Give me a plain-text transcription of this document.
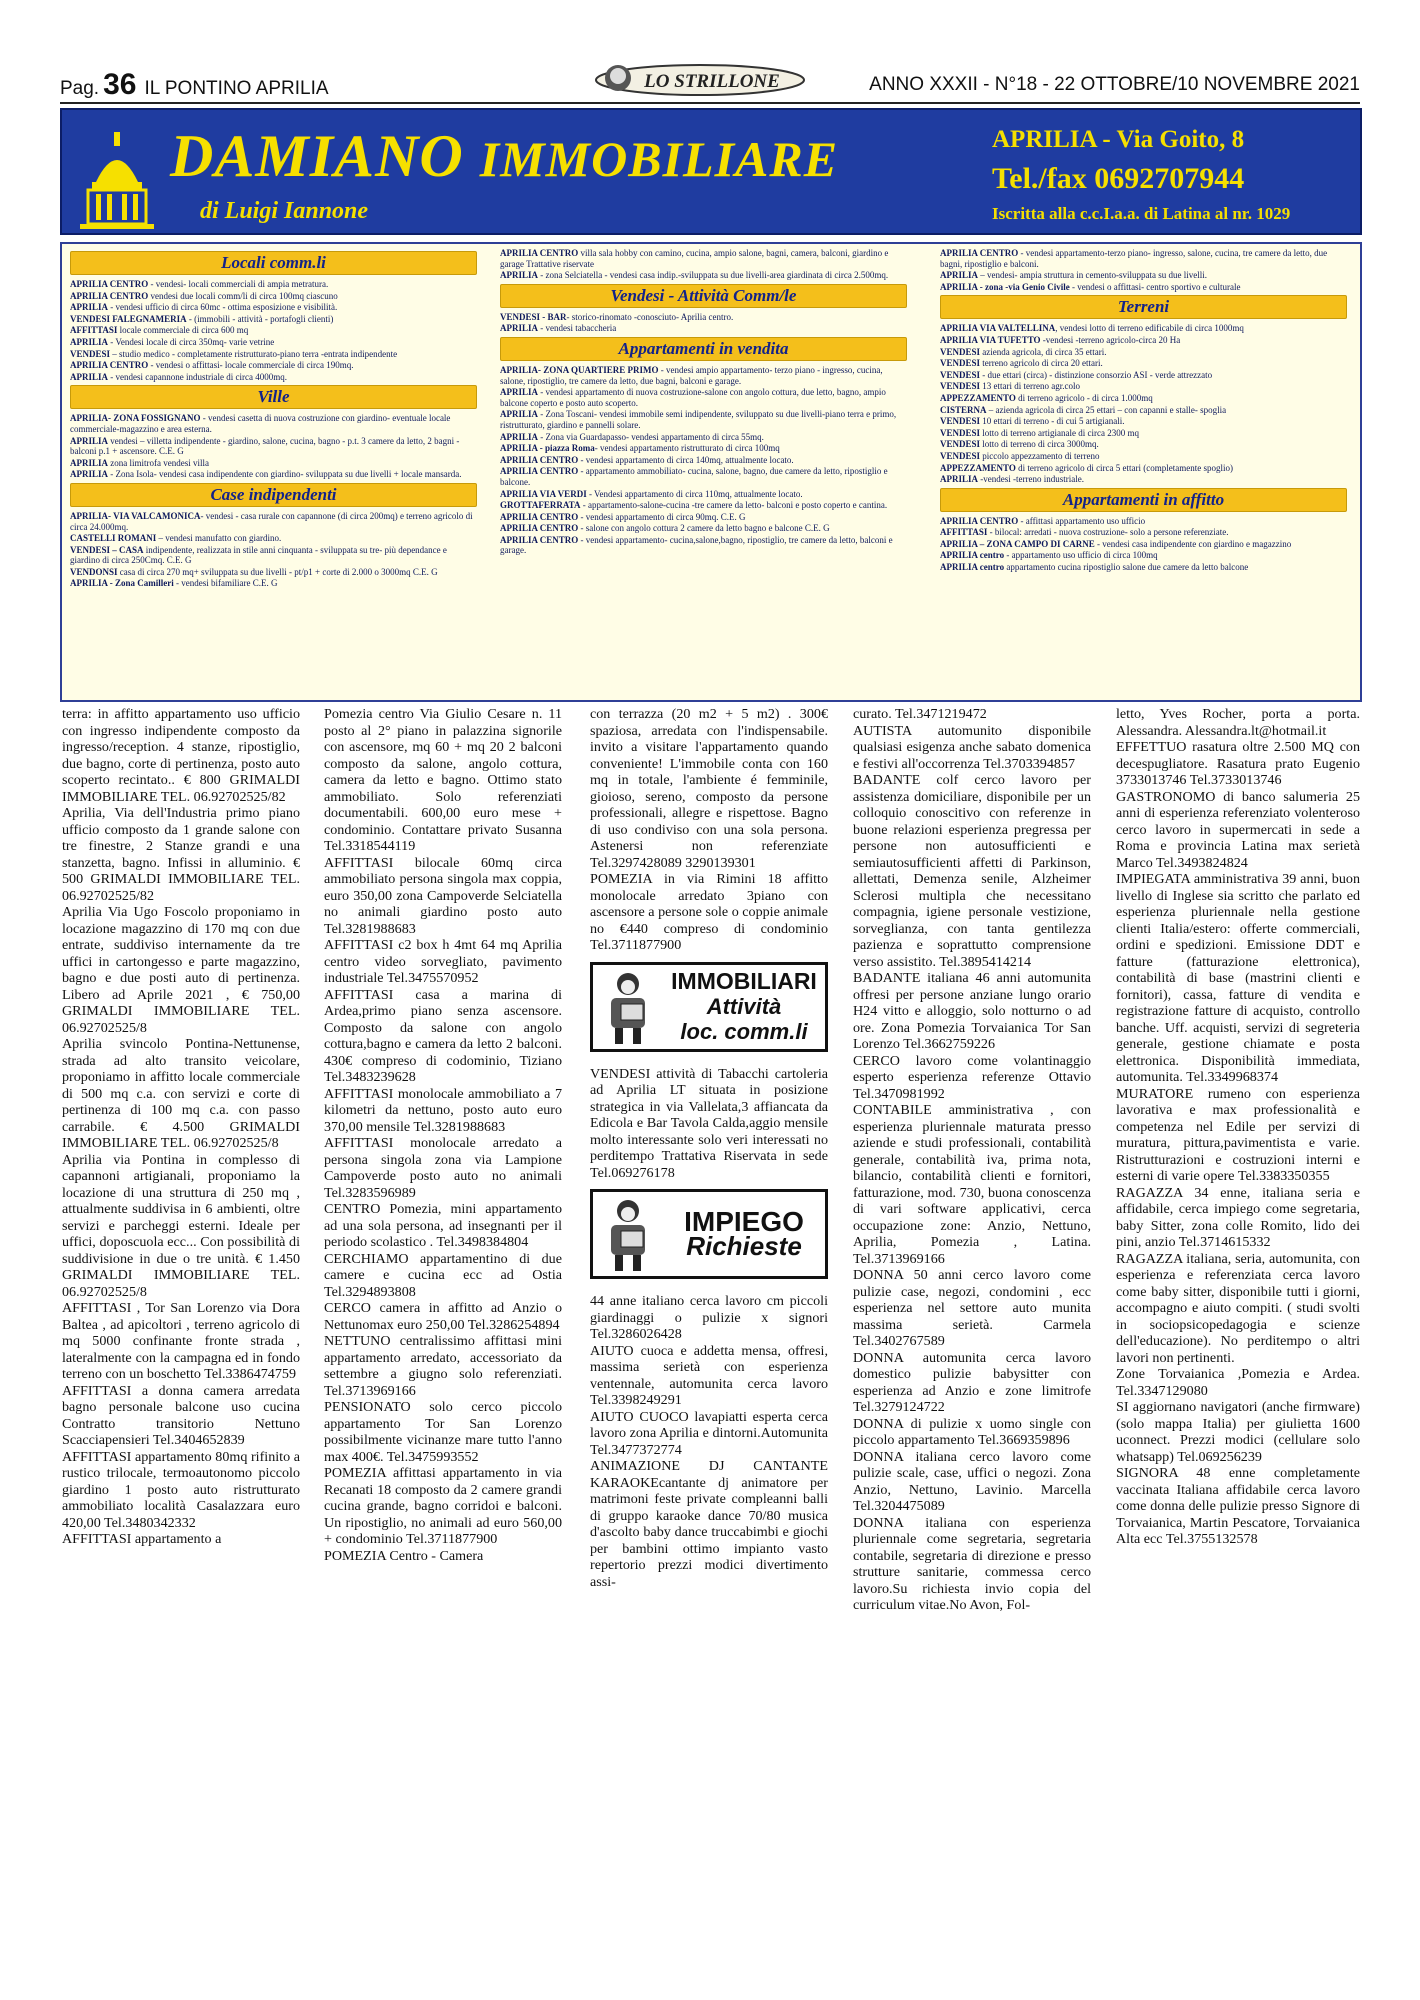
Pag. 36 IL PONTINO APRILIA	ANNO XXXII - N°18 - 22 OTTOBRE/10 NOVEMBRE 2021
LO STRILLONE
DAMIANO IMMOBILIARE
di Luigi Iannone
APRILIA - Via Goito, 8
Tel./fax 0692707944
Iscritta alla c.c.I.a.a. di Latina al nr. 1029
Locali comm.li

APRILIA CENTRO - vendesi- locali commerciali di ampia metratura.

APRILIA CENTRO vendesi due locali comm/li di circa 100mq ciascuno

APRILIA - vendesi ufficio di circa 60mc - ottima esposizione e visibilità.

VENDESI FALEGNAMERIA - (immobili - attività - portafogli clienti)

AFFITTASI locale commerciale di circa 600 mq

APRILIA - Vendesi locale di circa 350mq- varie vetrine

VENDESI – studio medico - completamente ristrutturato-piano terra -entrata indipendente

APRILIA CENTRO - vendesi o affittasi- locale commerciale di circa 190mq.

APRILIA - vendesi capannone industriale di circa 4000mq.

Ville

APRILIA- ZONA FOSSIGNANO - vendesi casetta di nuova costruzione con giardino- eventuale locale commerciale-magazzino e area esterna.

APRILIA vendesi – villetta indipendente - giardino, salone, cucina, bagno - p.t. 3 camere da letto, 2 bagni - balconi p.1 + ascensore. C.E. G

APRILIA zona limitrofa vendesi villa

APRILIA - Zona Isola- vendesi casa indipendente con giardino- sviluppata su due livelli + locale mansarda.

Case indipendenti

APRILIA- VIA VALCAMONICA- vendesi - casa rurale con capannone (di circa 200mq) e terreno agricolo di circa 24.000mq.

CASTELLI ROMANI – vendesi manufatto con giardino.

VENDESI – CASA indipendente, realizzata in stile anni cinquanta - sviluppata su tre- più dependance e giardino di circa 250Cmq. C.E. G

VENDONSI casa di circa 270 mq+ sviluppata su due livelli - pt/p1 + corte di 2.000 o 3000mq C.E. G

APRILIA - Zona Camilleri - vendesi bifamiliare C.E. G

APRILIA CENTRO villa sala hobby con camino, cucina, ampio salone, bagni, camera, balconi, giardino e garage Trattative riservate

APRILIA - zona Selciatella - vendesi casa indip.-sviluppata su due livelli-area giardinata di circa 2.500mq.

Vendesi - Attività Comm/le

VENDESI - BAR- storico-rinomato -conosciuto- Aprilia centro.

APRILIA - vendesi tabaccheria

Appartamenti in vendita

APRILIA- ZONA QUARTIERE PRIMO - vendesi ampio appartamento- terzo piano - ingresso, cucina, salone, ripostiglio, tre camere da letto, due bagni, balconi e garage.

APRILIA - vendesi appartamento di nuova costruzione-salone con angolo cottura, due letto, bagno, ampio balcone coperto e posto auto scoperto.

APRILIA - Zona Toscani- vendesi immobile semi indipendente, sviluppato su due livelli-piano terra e primo, ristrutturato, giardino e pannelli solare.

APRILIA - Zona via Guardapasso- vendesi appartamento di circa 55mq.

APRILIA - piazza Roma- vendesi appartamento ristrutturato di circa 100mq

APRILIA CENTRO - vendesi appartamento di circa 140mq, attualmente locato.

APRILIA CENTRO - appartamento ammobiliato- cucina, salone, bagno, due camere da letto, ripostiglio e balcone.

APRILIA VIA VERDI - Vendesi appartamento di circa 110mq, attualmente locato.

GROTTAFERRATA - appartamento-salone-cucina -tre camere da letto- balconi e posto coperto e cantina.

APRILIA CENTRO - vendesi appartamento di circa 90mq. C.E. G

APRILIA CENTRO - salone con angolo cottura 2 camere da letto bagno e balcone C.E. G

APRILIA CENTRO - vendesi appartamento- cucina,salone,bagno, ripostiglio, tre camere da letto, balconi e garage.

APRILIA CENTRO - vendesi appartamento-terzo piano- ingresso, salone, cucina, tre camere da letto, due bagni, ripostiglio e balconi.

APRILIA – vendesi- ampia struttura in cemento-sviluppata su due livelli.

APRILIA - zona -via Genio Civile - vendesi o affittasi- centro sportivo e culturale

Terreni

APRILIA VIA VALTELLINA, vendesi lotto di terreno edificabile di circa 1000mq

APRILIA VIA TUFETTO -vendesi -terreno agricolo-circa 20 Ha

VENDESI azienda agricola, di circa 35 ettari.

VENDESI terreno agricolo di circa 20 ettari.

VENDESI - due ettari (circa) - distinzione consorzio ASI - verde attrezzato

VENDESI 13 ettari di terreno agr.colo

APPEZZAMENTO di terreno agricolo - di circa 1.000mq

CISTERNA – azienda agricola di circa 25 ettari – con capanni e stalle- spoglia

VENDESI 10 ettari di terreno - di cui 5 artigianali.

VENDESI lotto di terreno artigianale di circa 2300 mq

VENDESI lotto di terreno di circa 3000mq.

VENDESI piccolo appezzamento di terreno

APPEZZAMENTO di terreno agricolo di circa 5 ettari (completamente spoglio)

APRILIA -vendesi -terreno industriale.

Appartamenti in affitto

APRILIA CENTRO - affittasi appartamento uso ufficio

AFFITTASI - bilocal: arredati - nuova costruzione- solo a persone referenziate.

APRILIA – ZONA CAMPO DI CARNE - vendesi casa indipendente con giardino e magazzino

APRILIA centro - appartamento uso ufficio di circa 100mq

APRILIA centro appartamento cucina ripostiglio salone due camere da letto balcone

terra: in affitto appartamento uso ufficio con ingresso indipendente composto da ingresso/reception. 4 stanze, ripostiglio, due bagno, corte di pertinenza, posto auto scoperto recintato.. € 800 GRIMALDI IMMOBILIARE TEL. 06.92702525/82

Aprilia, Via dell'Industria primo piano ufficio composto da 1 grande salone con tre finestre, 2 Stanze grandi e una stanzetta, bagno. Infissi in alluminio. € 500 GRIMALDI IMMOBILIARE TEL. 06.92702525/82

Aprilia Via Ugo Foscolo proponiamo in locazione magazzino di 170 mq con due entrate, suddiviso internamente da tre uffici in cartongesso e parte magazzino, bagno e due posti auto di pertinenza. Libero ad Aprile 2021 , € 750,00 GRIMALDI IMMOBILIARE TEL. 06.92702525/8

Aprilia svincolo Pontina-Nettunense, strada ad alto transito veicolare, proponiamo in affitto locale commerciale di 500 mq c.a. con servizi e corte di pertinenza di 100 mq c.a. con passo carrabile. € 4.500 GRIMALDI IMMOBILIARE TEL. 06.92702525/8

Aprilia via Pontina in complesso di capannoni artigianali, proponiamo la locazione di una struttura di 250 mq , attualmente suddivisa in 6 ambienti, oltre servizi e parcheggi esterni. Ideale per uffici, doposcuola ecc... Con possibilità di suddivisione in due o tre unità. € 1.450 GRIMALDI IMMOBILIARE TEL. 06.92702525/8

AFFITTASI , Tor San Lorenzo via Dora Baltea , ad apicoltori , terreno agricolo di mq 5000 confinante fronte strada , lateralmente con la campagna ed in fondo terreno con un boschetto Tel.3386474759

AFFITTASI a donna camera arredata bagno personale balcone uso cucina Contratto transitorio Nettuno Scacciapensieri Tel.3404652839

AFFITTASI appartamento 80mq rifinito a rustico trilocale, termoautonomo piccolo giardino 1 posto auto ristrutturato ammobiliato località Casalazzara euro 420,00 Tel.3480342332

AFFITTASI appartamento a

Pomezia centro Via Giulio Cesare n. 11 posto al 2° piano in palazzina signorile con ascensore, mq 60 + mq 20 2 balconi composto da salone, angolo cottura, camera da letto e bagno. Ottimo stato ammobiliato. Solo referenziati documentabili. 600,00 euro mese + condominio. Contattare privato Susanna Tel.3318544119

AFFITTASI bilocale 60mq circa ammobiliato persona singola max coppia, euro 350,00 zona Campoverde Selciatella no animali giardino posto auto Tel.3281988683

AFFITTASI c2 box h 4mt 64 mq Aprilia centro video sorvegliato, pavimento industriale Tel.3475570952

AFFITTASI casa a marina di Ardea,primo piano senza ascensore. Composto da salone con angolo cottura,bagno e camera da letto 2 balconi. 430€ compreso di codominio, Tiziano Tel.3483239628

AFFITTASI monolocale ammobiliato a 7 kilometri da nettuno, posto auto euro 370,00 mensile Tel.3281988683

AFFITTASI monolocale arredato a persona singola zona via Lampione Campoverde posto auto no animali Tel.3283596989

CENTRO Pomezia, mini appartamento ad una sola persona, ad insegnanti per il periodo scolastico . Tel.3498384804

CERCHIAMO appartamentino di due camere e cucina ecc ad Ostia Tel.3294893808

CERCO camera in affitto ad Anzio o Nettunomax euro 250,00 Tel.3286254894

NETTUNO centralissimo affittasi mini appartamento arredato, accessoriato da settembre a giugno solo referenziati. Tel.3713969166

PENSIONATO solo cerco piccolo appartamento Tor San Lorenzo possibilmente vicinanze mare tutto l'anno max 400€. Tel.3475993552

POMEZIA affittasi appartamento in via Recanati 18 composto da 2 camere grandi cucina grande, bagno corridoi e balconi. Un ripostiglio, no animali ad euro 560,00 + condominio Tel.3711877900

POMEZIA Centro - Camera

con terrazza (20 m2 + 5 m2) . 300€ spaziosa, arredata con l'indispensabile. invito a visitare l'appartamento quando conveniente! L'immobile conta con 160 mq in totale, l'ambiente é femminile, gioioso, sereno, composto da persone professionali, allegre e rispettose. Bagno di uso condiviso con una sola persona. Astenersi non referenziate Tel.3297428089 3290139301

POMEZIA in via Rimini 18 affitto monolocale arredato 3piano con ascensore a persone sole o coppie animale no €440 compreso di condominio Tel.3711877900

IMMOBILIARI
Attività
loc. comm.li

VENDESI attività di Tabacchi cartoleria ad Aprilia LT situata in posizione strategica in via Vallelata,3 affiancata da Edicola e Bar Tavola Calda,aggio mensile molto interessante solo veri interessati no perditempo Trattativa Riservata in sede Tel.069276178

IMPIEGO
Richieste

44 anne italiano cerca lavoro cm piccoli giardinaggi o pulizie x signori Tel.3286026428

AIUTO cuoca e addetta mensa, offresi, massima serietà con esperienza ventennale, automunita cerca lavoro Tel.3398249291

AIUTO CUOCO lavapiatti esperta cerca lavoro zona Aprilia e dintorni.Automunita Tel.3477372774

ANIMAZIONE DJ CANTANTE KARAOKEcantante dj animatore per matrimoni feste private compleanni balli di gruppo karaoke dance 70/80 musica d'ascolto baby dance truccabimbi e giochi per bambini ottimo impianto vasto repertorio prezzi modici divertimento assi-

curato. Tel.3471219472

AUTISTA automunito disponibile qualsiasi esigenza anche sabato domenica e festivi all'occorrenza Tel.3703394857

BADANTE colf cerco lavoro per assistenza domiciliare, disponibile per un colloquio conoscitivo con referenze in buone relazioni esperienza pregressa per persone non autosufficienti e semiautosufficienti affetti di Parkinson, allettati, Demenza senile, Alzheimer Sclerosi multipla che necessitano compagnia, igiene personale vestizione, sorveglianza, con tanta gentilezza pazienza e soprattutto comprensione verso assistito. Tel.3895414214

BADANTE italiana 46 anni automunita offresi per persone anziane lungo orario H24 vitto e alloggio, solo notturno o ad ore. Zona Pomezia Torvaianica Tor San Lorenzo Tel.3662759226

CERCO lavoro come volantinaggio esperto esperienza referenze Ottavio Tel.3470981992

CONTABILE amministrativa , con esperienza pluriennale maturata presso aziende e studi professionali, contabilità generale, contabilità iva, prima nota, bilancio, contabilità clienti e fornitori, fatturazione, mod. 730, buona conoscenza di vari software applicativi, cerca occupazione zone: Anzio, Nettuno, Aprilia, Pomezia , Latina. Tel.3713969166

DONNA 50 anni cerco lavoro come pulizie case, negozi, condomini , ecc esperienza nel settore auto munita massima serietà. Carmela Tel.3402767589

DONNA automunita cerca lavoro domestico pulizie babysitter con esperienza ad Anzio e zone limitrofe Tel.3279124722

DONNA di pulizie x uomo single con piccolo appartamento Tel.3669359896

DONNA italiana cerco lavoro come pulizie scale, case, uffici o negozi. Zona Anzio, Nettuno, Lavinio. Marcella Tel.3204475089

DONNA italiana con esperienza pluriennale come segretaria, segretaria contabile, segretaria di direzione e presso strutture sanitarie, commessa cerco lavoro.Su richiesta invio copia del curriculum vitae.No Avon, Fol-

letto, Yves Rocher, porta a porta. Alessandra. Alessandra.lt@hotmail.it

EFFETTUO rasatura oltre 2.500 MQ con decespugliatore. Rasatura prato Eugenio 3733013746 Tel.3733013746

GASTRONOMO di banco salumeria 25 anni di esperienza referenziato volenteroso cerco lavoro in supermercati in sede a Roma e provincia Latina max serietà Marco Tel.3493824824

IMPIEGATA amministrativa 39 anni, buon livello di Inglese sia scritto che parlato ed esperienza pluriennale nella gestione clienti Italia/estero: offerte commerciali, ordini e spedizioni. Emissione DDT e fatture (fatturazione elettronica), contabilità di base (mastrini clienti e fornitori), cassa, fatture di vendita e registrazione fatture di acquisto, controllo banche. Uff. acquisti, servizi di segreteria generale, gestione chiamate e posta elettronica. Disponibilità immediata, automunita. Tel.3349968374

MURATORE rumeno con esperienza lavorativa e max professionalità e competenza nel Edile per servizi di muratura, pittura,pavimentista e varie. Ristrutturazioni e costruzioni interni e esterni di varie opere Tel.3383350355

RAGAZZA 34 enne, italiana seria e affidabile, cerca impiego come segretaria, baby Sitter, zona colle Romito, lido dei pini, anzio Tel.3714615332

RAGAZZA italiana, seria, automunita, con esperienza e referenziata cerca lavoro come baby sitter, disponibile tutti i giorni, accompagno e aiuto compiti. ( studi svolti in sociopsicopedagogia e scienze dell'educazione). No perditempo o altri lavori non pertinenti.

Zone Torvaianica ,Pomezia e Ardea. Tel.3347129080

SI aggiornano navigatori (anche firmware) (solo mappa Italia) per giulietta 1600 uconnect. Prezzi modici (cellulare solo whatsapp) Tel.069256239

SIGNORA 48 enne completamente vaccinata Italiana affidabile cerca lavoro come donna delle pulizie presso Signore di Torvaianica, Martin Pescatore, Torvaianica Alta ecc Tel.3755132578
